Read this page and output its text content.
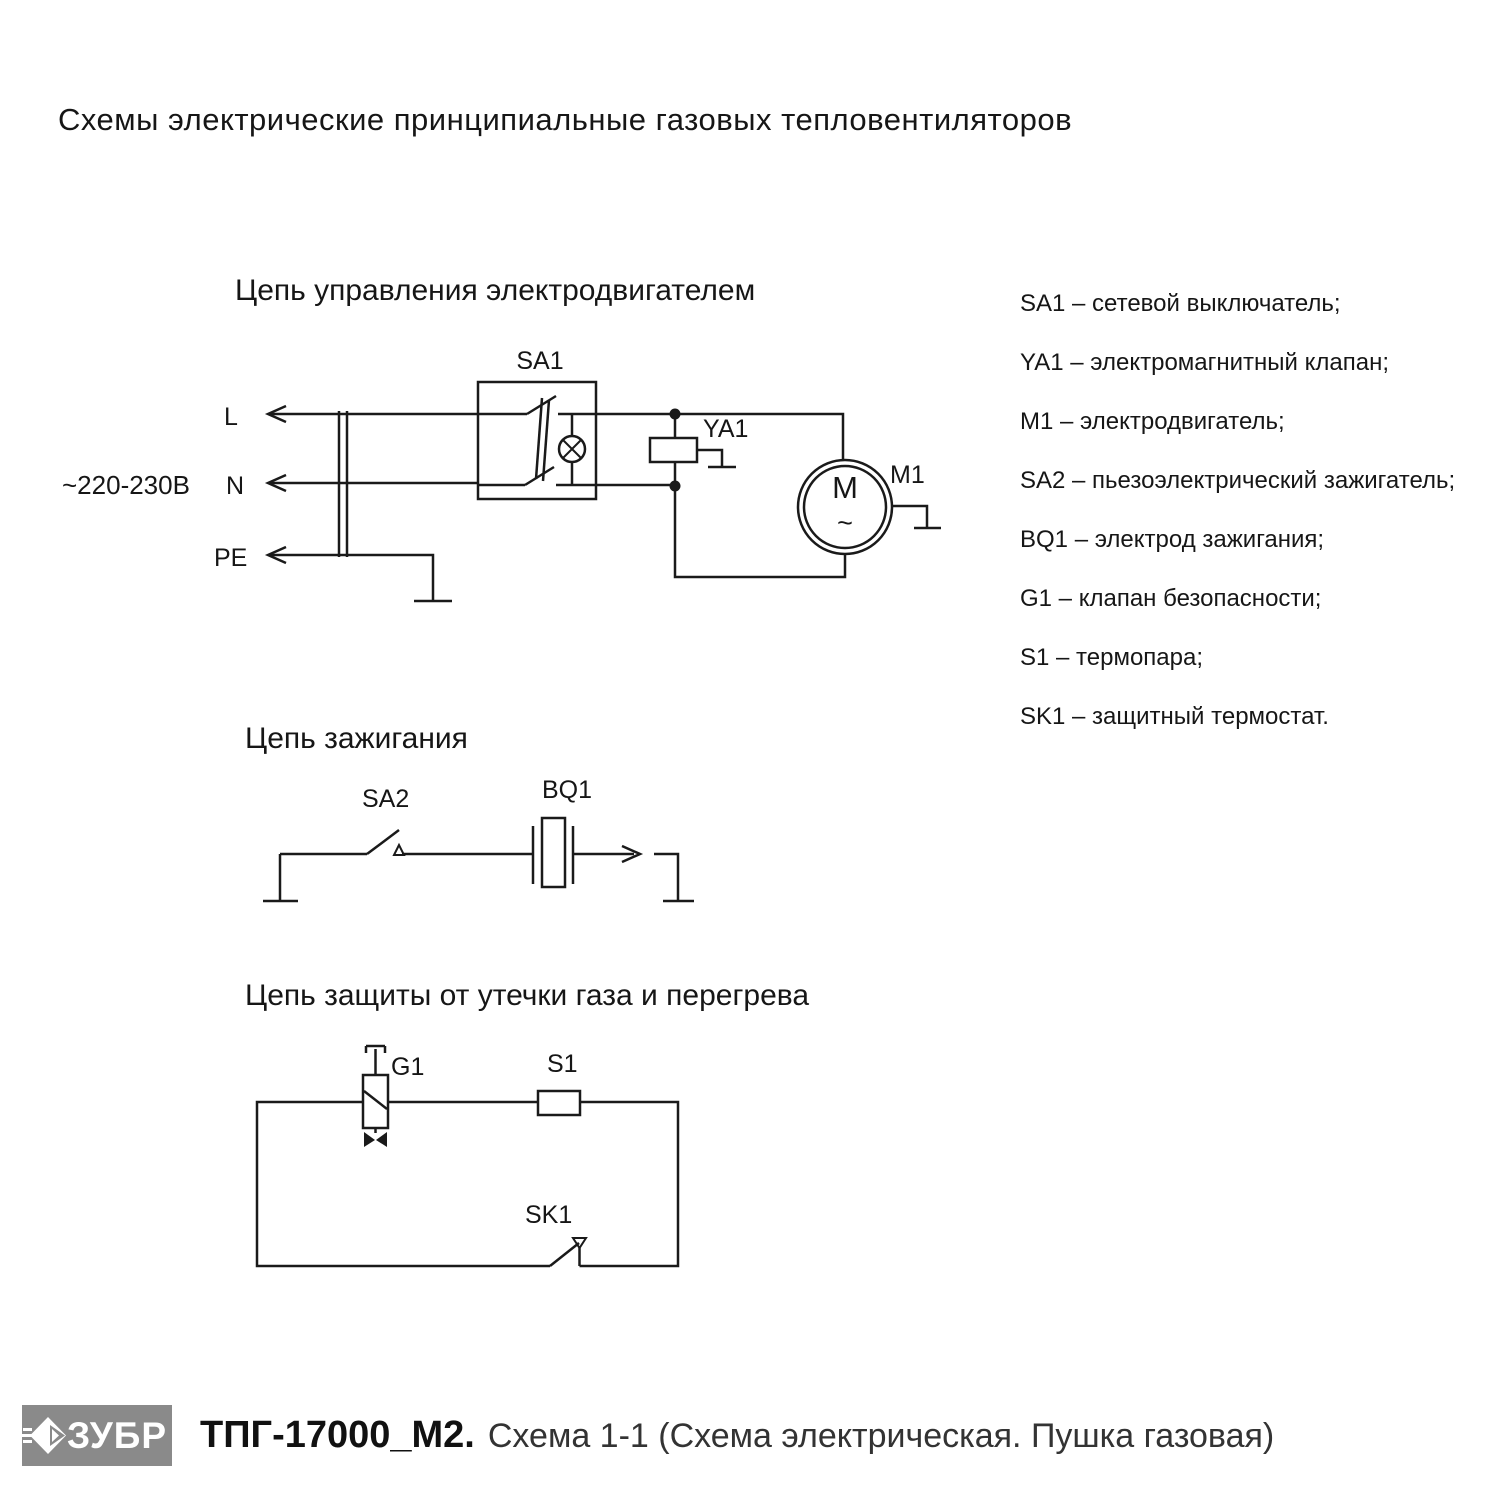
Схемы электрические принципиальные газовых тепловентиляторов
Цепь управления электродвигателем
Цепь зажигания
Цепь защиты от утечки газа и перегрева
~220-230В
L
N
PE
SA1
YA1
M1
M
~
SA2	BQ1
G1	S1
SK1
SA1 – сетевой выключатель;
YA1 – электромагнитный клапан;
M1 – электродвигатель;
SA2 – пьезоэлектрический зажигатель;
BQ1 – электрод зажигания;
G1 – клапан безопасности;
S1 – термопара;
SK1 – защитный термостат.
ЗУБР ТПГ-17000_М2. Схема 1-1 (Схема электрическая. Пушка газовая)
